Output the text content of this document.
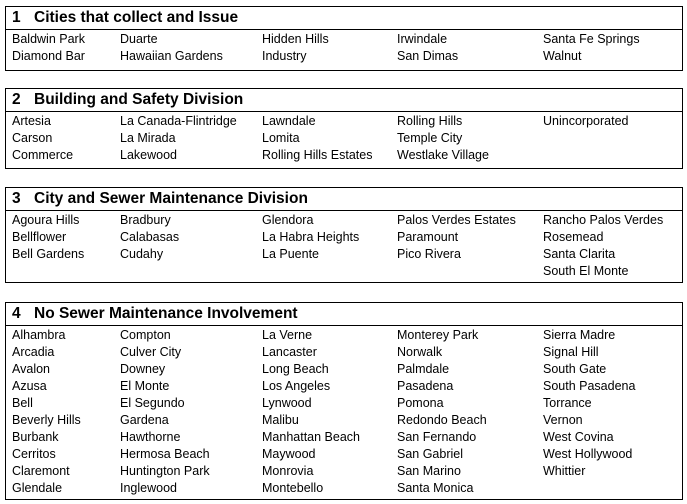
1 Cities that collect and Issue
Baldwin Park
Diamond Bar
Duarte
Hawaiian Gardens
Hidden Hills
Industry
Irwindale
San Dimas
Santa Fe Springs
Walnut
2 Building and Safety Division
Artesia
Carson
Commerce
La Canada-Flintridge
La Mirada
Lakewood
Lawndale
Lomita
Rolling Hills Estates
Rolling Hills
Temple City
Westlake Village
Unincorporated
3 City and Sewer Maintenance Division
Agoura Hills
Bellflower
Bell Gardens
Bradbury
Calabasas
Cudahy
Glendora
La Habra Heights
La Puente
Palos Verdes Estates
Paramount
Pico Rivera
Rancho Palos Verdes
Rosemead
Santa Clarita
South El Monte
4 No Sewer Maintenance Involvement
Alhambra
Arcadia
Avalon
Azusa
Bell
Beverly Hills
Burbank
Cerritos
Claremont
Glendale
Compton
Culver City
Downey
El Monte
El Segundo
Gardena
Hawthorne
Hermosa Beach
Huntington Park
Inglewood
La Verne
Lancaster
Long Beach
Los Angeles
Lynwood
Malibu
Manhattan Beach
Maywood
Monrovia
Montebello
Monterey Park
Norwalk
Palmdale
Pasadena
Pomona
Redondo Beach
San Fernando
San Gabriel
San Marino
Santa Monica
Sierra Madre
Signal Hill
South Gate
South Pasadena
Torrance
Vernon
West Covina
West Hollywood
Whittier
